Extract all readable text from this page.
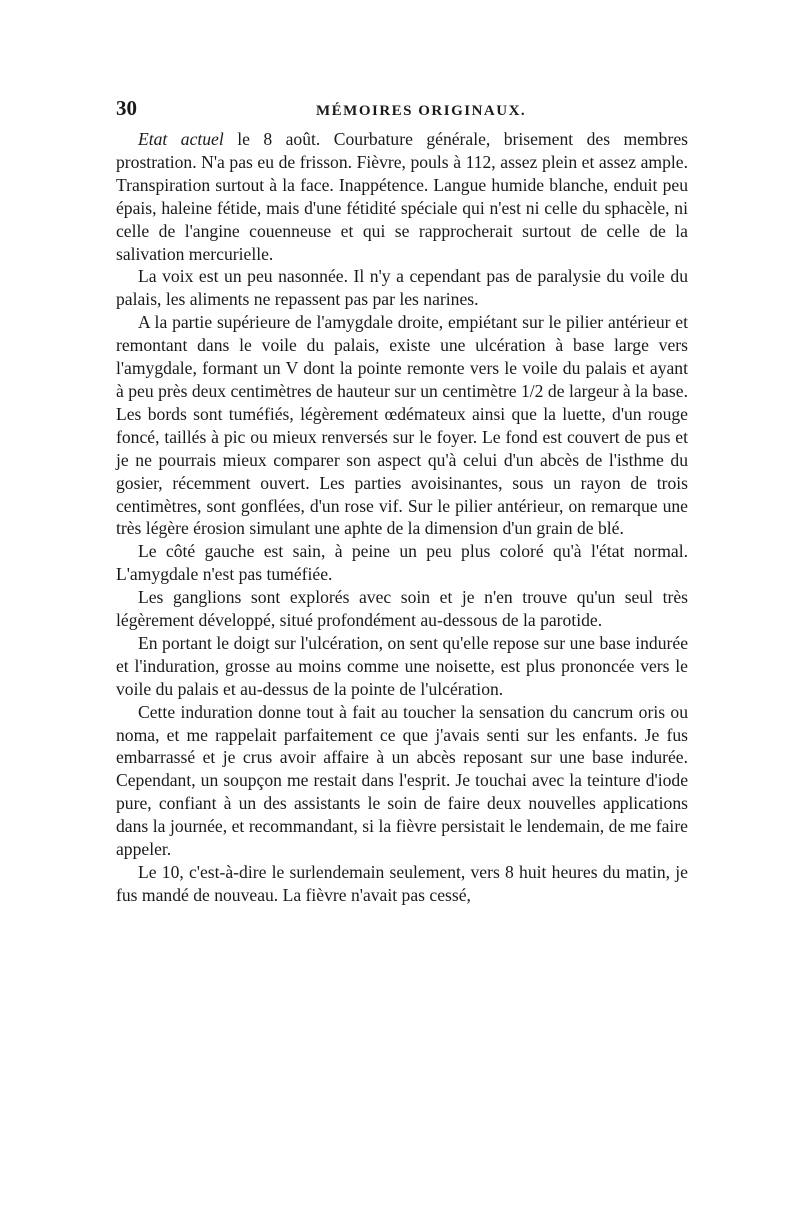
30	MÉMOIRES ORIGINAUX.

Etat actuel le 8 août. Courbature générale, brisement des membres prostration. N'a pas eu de frisson. Fièvre, pouls à 112, assez plein et assez ample. Transpiration surtout à la face. Inappétence. Langue humide blanche, enduit peu épais, haleine fétide, mais d'une fétidité spéciale qui n'est ni celle du sphacèle, ni celle de l'angine couenneuse et qui se rapprocherait surtout de celle de la salivation mercurielle.

La voix est un peu nasonnée. Il n'y a cependant pas de paralysie du voile du palais, les aliments ne repassent pas par les narines.

A la partie supérieure de l'amygdale droite, empiétant sur le pilier antérieur et remontant dans le voile du palais, existe une ulcération à base large vers l'amygdale, formant un V dont la pointe remonte vers le voile du palais et ayant à peu près deux centimètres de hauteur sur un centimètre 1/2 de largeur à la base. Les bords sont tuméfiés, légèrement œdémateux ainsi que la luette, d'un rouge foncé, taillés à pic ou mieux renversés sur le foyer. Le fond est couvert de pus et je ne pourrais mieux comparer son aspect qu'à celui d'un abcès de l'isthme du gosier, récemment ouvert. Les parties avoisinantes, sous un rayon de trois centimètres, sont gonflées, d'un rose vif. Sur le pilier antérieur, on remarque une très légère érosion simulant une aphte de la dimension d'un grain de blé.

Le côté gauche est sain, à peine un peu plus coloré qu'à l'état normal. L'amygdale n'est pas tuméfiée.

Les ganglions sont explorés avec soin et je n'en trouve qu'un seul très légèrement développé, situé profondément au-dessous de la parotide.

En portant le doigt sur l'ulcération, on sent qu'elle repose sur une base indurée et l'induration, grosse au moins comme une noisette, est plus prononcée vers le voile du palais et au-dessus de la pointe de l'ulcération.

Cette induration donne tout à fait au toucher la sensation du cancrum oris ou noma, et me rappelait parfaitement ce que j'avais senti sur les enfants. Je fus embarrassé et je crus avoir affaire à un abcès reposant sur une base indurée. Cependant, un soupçon me restait dans l'esprit. Je touchai avec la teinture d'iode pure, confiant à un des assistants le soin de faire deux nouvelles applications dans la journée, et recommandant, si la fièvre persistait le lendemain, de me faire appeler.

Le 10, c'est-à-dire le surlendemain seulement, vers 8 huit heures du matin, je fus mandé de nouveau. La fièvre n'avait pas cessé,
